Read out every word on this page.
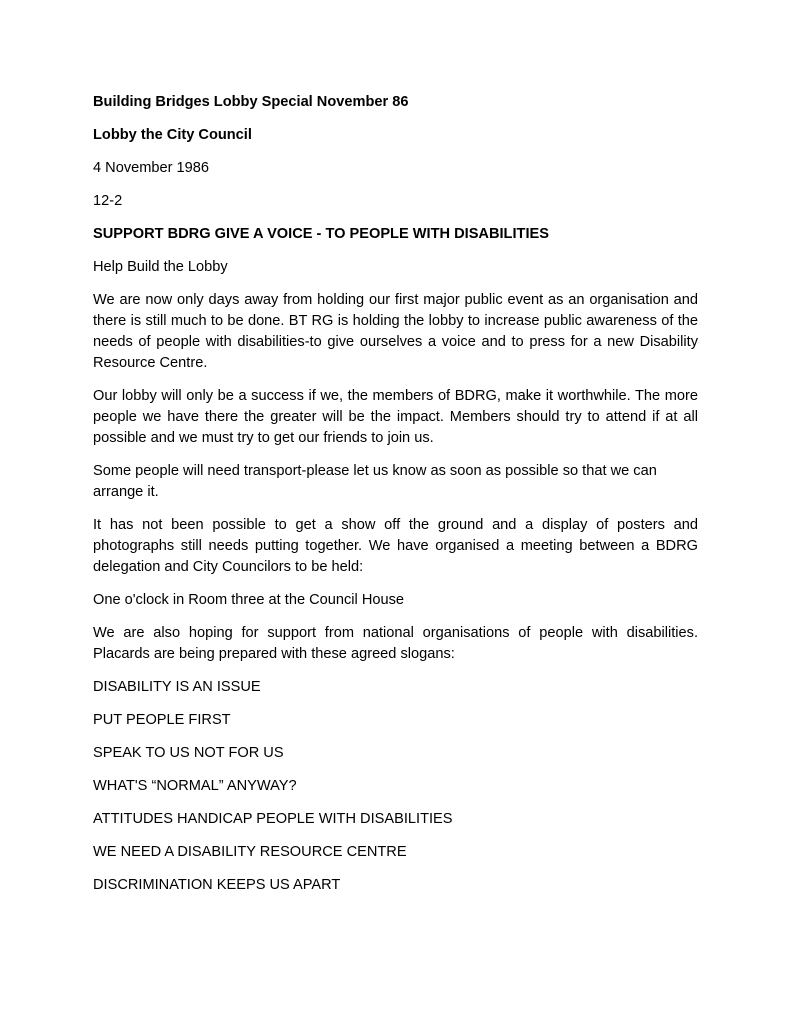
Building Bridges Lobby Special November 86
Lobby the City Council
4 November 1986
12-2
SUPPORT BDRG GIVE A VOICE - TO PEOPLE WITH DISABILITIES
Help Build the Lobby

We are now only days away from holding our first major public event as an organisation and there is still much to be done. BT RG is holding the lobby to increase public awareness of the needs of people with disabilities-to give ourselves a voice and to press for a new Disability Resource Centre.

Our lobby will only be a success if we, the members of BDRG, make it worthwhile. The more people we have there the greater will be the impact. Members should try to attend if at all possible and we must try to get our friends to join us.

Some people will need transport-please let us know as soon as possible so that we can arrange it.

It has not been possible to get a show off the ground and a display of posters and photographs still needs putting together. We have organised a meeting between a BDRG delegation and City Councilors to be held:

One o'clock in Room three at the Council House

We are also hoping for support from national organisations of people with disabilities. Placards are being prepared with these agreed slogans:

DISABILITY IS AN ISSUE
PUT PEOPLE FIRST
SPEAK TO US NOT FOR US
WHAT'S “NORMAL” ANYWAY?
ATTITUDES HANDICAP PEOPLE WITH DISABILITIES
WE NEED A DISABILITY RESOURCE CENTRE
DISCRIMINATION KEEPS US APART
